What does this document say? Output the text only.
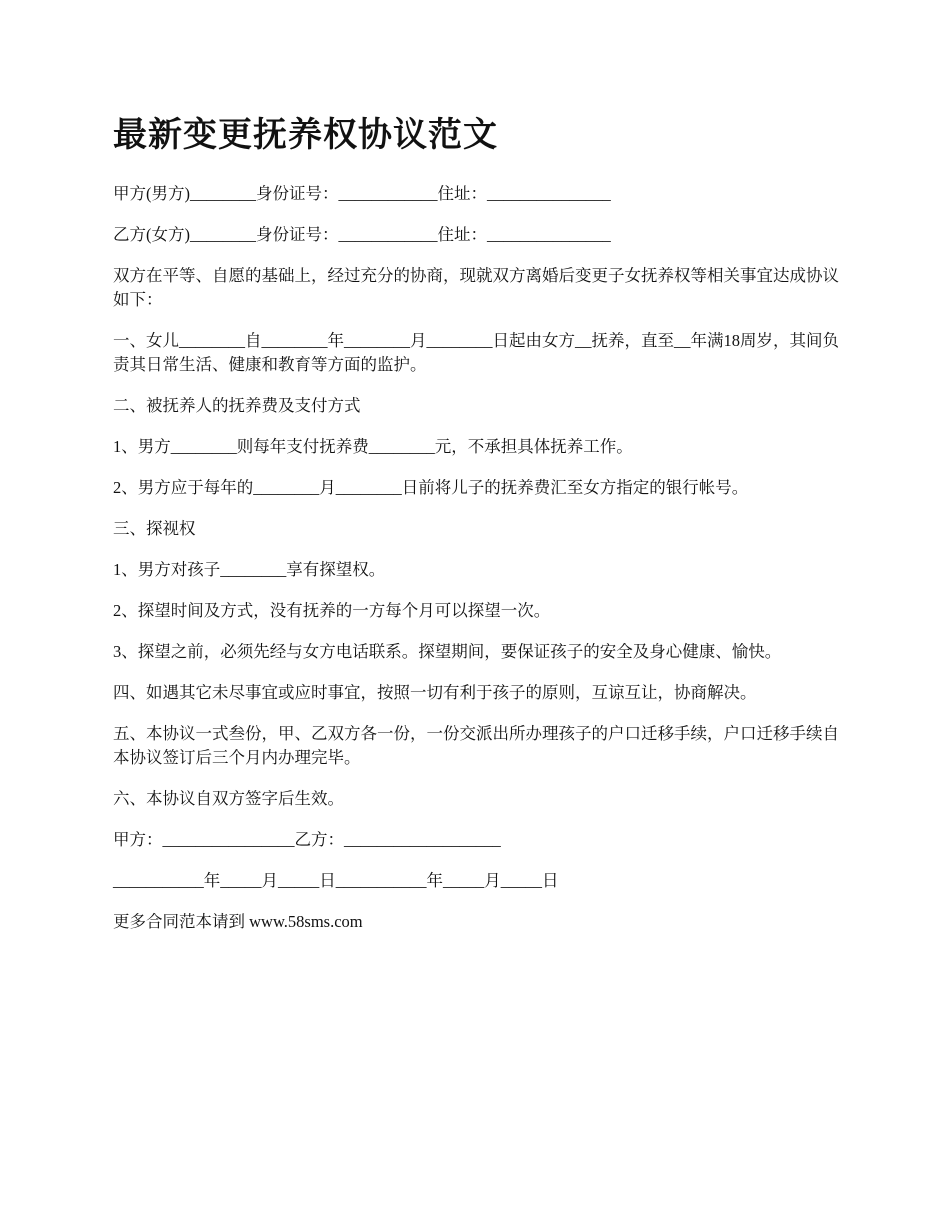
最新变更抚养权协议范文

甲方(男方)________身份证号：____________住址：_______________

乙方(女方)________身份证号：____________住址：_______________

双方在平等、自愿的基础上，经过充分的协商，现就双方离婚后变更子女抚养权等相关事宜达成协议如下：

一、女儿________自________年________月________日起由女方__抚养，直至__年满18周岁，其间负责其日常生活、健康和教育等方面的监护。

二、被抚养人的抚养费及支付方式

1、男方________则每年支付抚养费________元，不承担具体抚养工作。

2、男方应于每年的________月________日前将儿子的抚养费汇至女方指定的银行帐号。

三、探视权

1、男方对孩子________享有探望权。

2、探望时间及方式，没有抚养的一方每个月可以探望一次。

3、探望之前，必须先经与女方电话联系。探望期间，要保证孩子的安全及身心健康、愉快。

四、如遇其它未尽事宜或应时事宜，按照一切有利于孩子的原则，互谅互让，协商解决。

五、本协议一式叁份，甲、乙双方各一份，一份交派出所办理孩子的户口迁移手续，户口迁移手续自本协议签订后三个月内办理完毕。

六、本协议自双方签字后生效。

甲方：________________乙方：___________________

___________年_____月_____日___________年_____月_____日

更多合同范本请到 www.58sms.com
